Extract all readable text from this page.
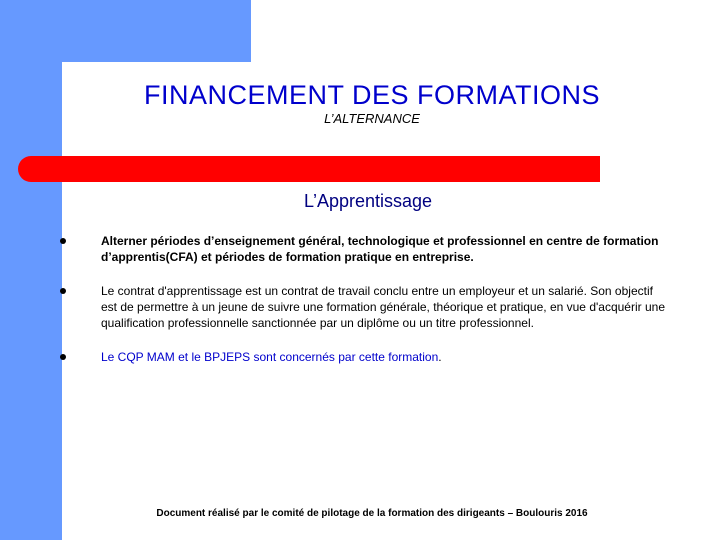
FINANCEMENT DES FORMATIONS

L’ALTERNANCE

L’Apprentissage
Alterner périodes d’enseignement général, technologique et professionnel en centre de formation d’apprentis(CFA) et périodes de formation pratique en entreprise.
Le contrat d'apprentissage est un contrat de travail conclu entre un employeur et un salarié. Son objectif est de permettre à un jeune de suivre une formation générale, théorique et pratique, en vue d'acquérir une qualification professionnelle sanctionnée par un diplôme ou un titre professionnel.
Le CQP MAM et le BPJEPS sont concernés par cette formation.

Document réalisé par le comité de pilotage de la formation des dirigeants – Boulouris 2016
